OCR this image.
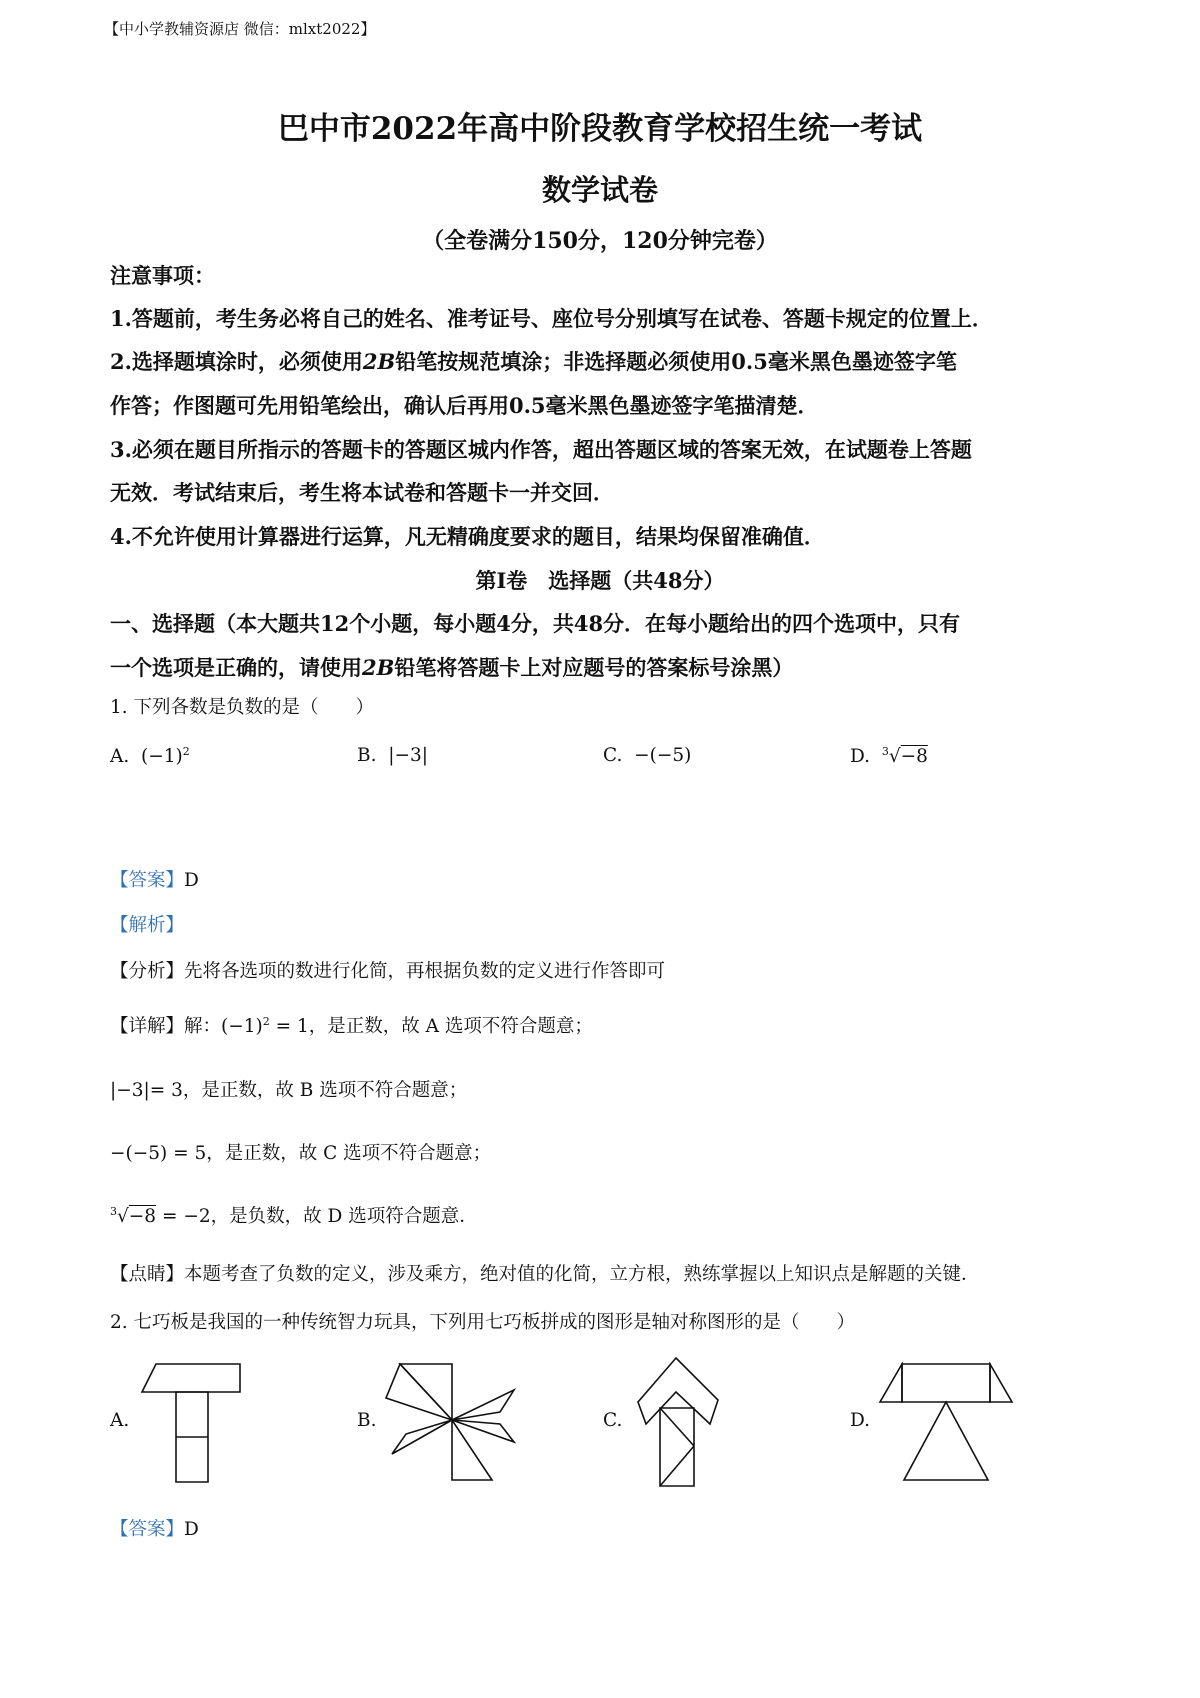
【中小学教辅资源店 微信：mlxt2022】
巴中市2022年高中阶段教育学校招生统一考试
数学试卷
（全卷满分150分，120分钟完卷）
注意事项：
1.答题前，考生务必将自己的姓名、准考证号、座位号分别填写在试卷、答题卡规定的位置上．
2.选择题填涂时，必须使用2B铅笔按规范填涂；非选择题必须使用0.5毫米黑色墨迹签字笔
作答；作图题可先用铅笔绘出，确认后再用0.5毫米黑色墨迹签字笔描清楚．
3.必须在题目所指示的答题卡的答题区城内作答，超出答题区域的答案无效，在试题卷上答题
无效．考试结束后，考生将本试卷和答题卡一并交回．
4.不允许使用计算器进行运算，凡无精确度要求的题目，结果均保留准确值．
第Ⅰ卷　选择题（共48分）
一、选择题（本大题共12个小题，每小题4分，共48分．在每小题给出的四个选项中，只有
一个选项是正确的，请使用2B铅笔将答题卡上对应题号的答案标号涂黑）
1. 下列各数是负数的是（　　）
A. $(-1)^2$	B. |−3|	C. −(−5)	D. $^3$√−8
【答案】D
【解析】
【分析】先将各选项的数进行化简，再根据负数的定义进行作答即可
【详解】解：$(-1)^2 = 1$，是正数，故 A 选项不符合题意；
|−3|= 3，是正数，故 B 选项不符合题意；
−(−5) = 5，是正数，故 C 选项不符合题意；
$^3$√−8 = −2，是负数，故 D 选项符合题意．
【点睛】本题考查了负数的定义，涉及乘方，绝对值的化简，立方根，熟练掌握以上知识点是解题的关键．
2. 七巧板是我国的一种传统智力玩具，下列用七巧板拼成的图形是轴对称图形的是（　　）
A.	B.	C.	D.
【答案】D
